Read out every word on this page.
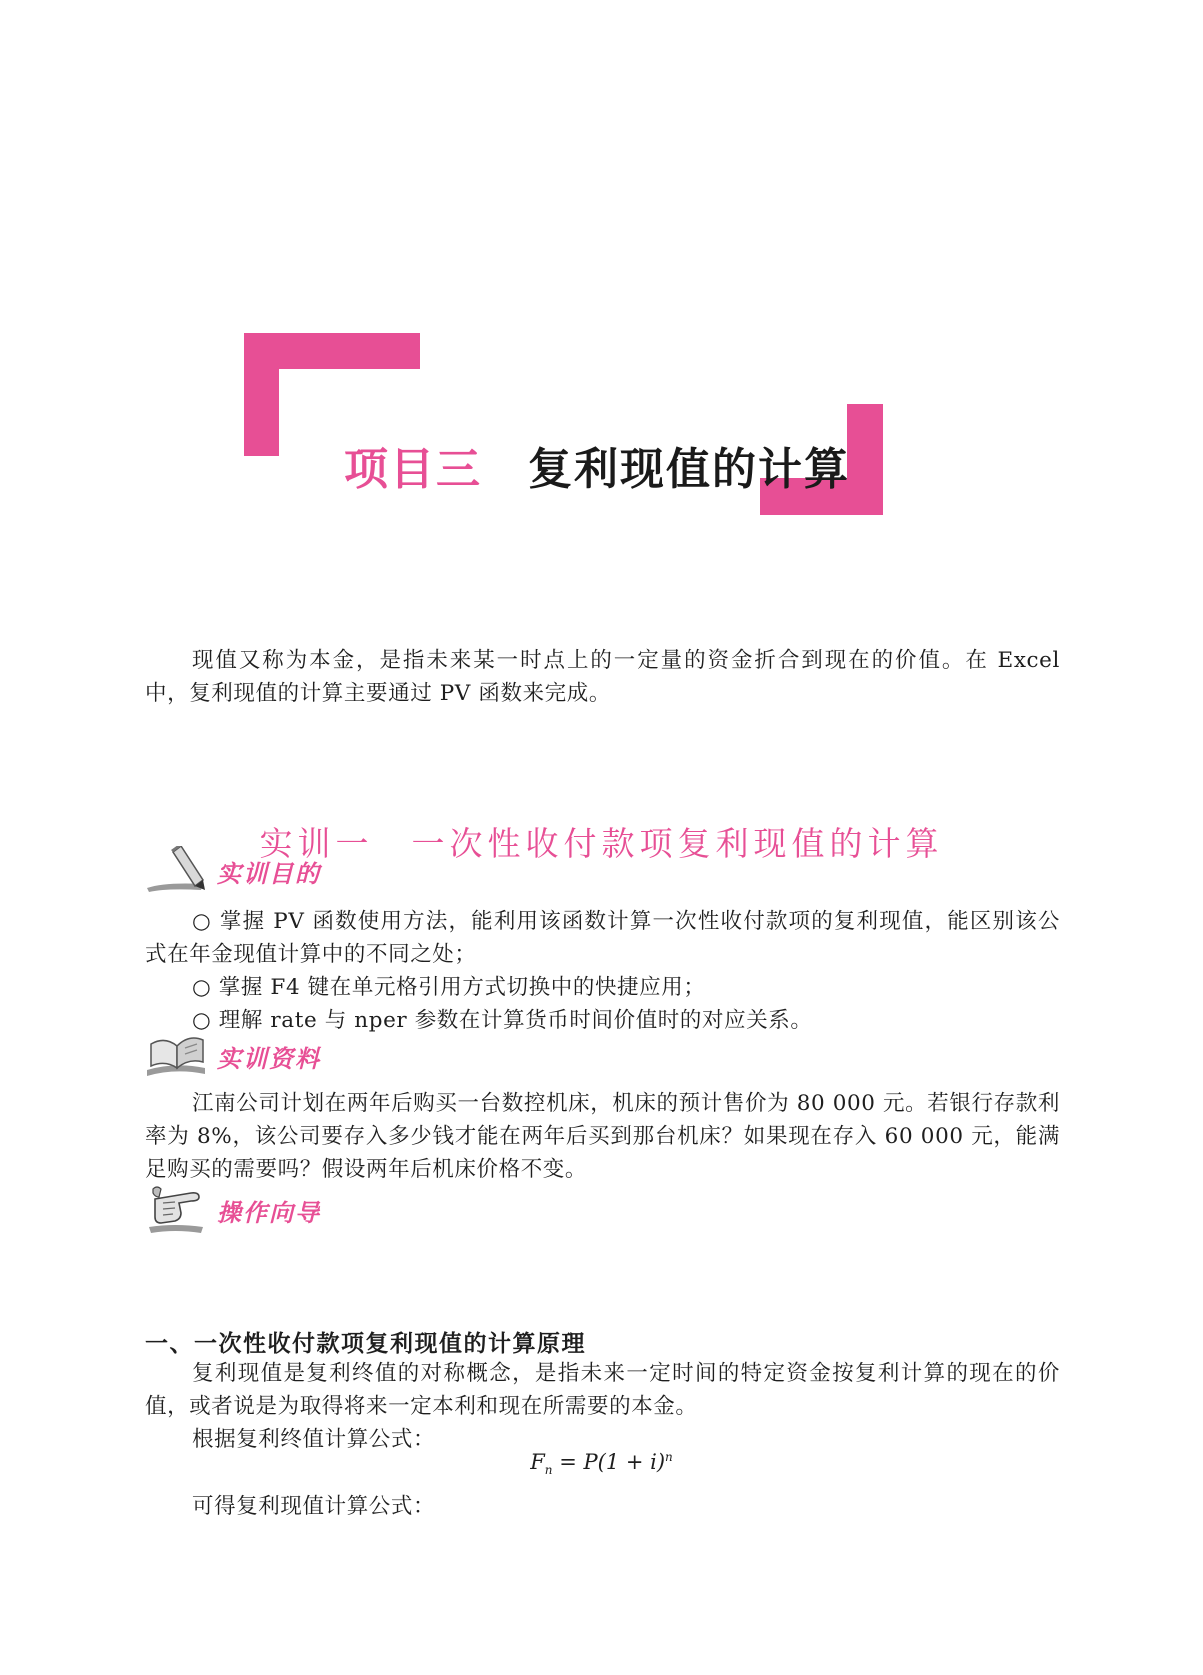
项目三 复利现值的计算

现值又称为本金，是指未来某一时点上的一定量的资金折合到现在的价值。在 Excel 中，复利现值的计算主要通过 PV 函数来完成。

实训一　一次性收付款项复利现值的计算
实训目的

○ 掌握 PV 函数使用方法，能利用该函数计算一次性收付款项的复利现值，能区别该公式在年金现值计算中的不同之处；

○ 掌握 F4 键在单元格引用方式切换中的快捷应用；

○ 理解 rate 与 nper 参数在计算货币时间价值时的对应关系。

实训资料

江南公司计划在两年后购买一台数控机床，机床的预计售价为 80 000 元。若银行存款利率为 8%，该公司要存入多少钱才能在两年后买到那台机床？如果现在存入 60 000 元，能满足购买的需要吗？假设两年后机床价格不变。

操作向导
一、一次性收付款项复利现值的计算原理

复利现值是复利终值的对称概念，是指未来一定时间的特定资金按复利计算的现在的价值，或者说是为取得将来一定本利和现在所需要的本金。

根据复利终值计算公式：

$F_n = P(1 + i)^n$

可得复利现值计算公式：
